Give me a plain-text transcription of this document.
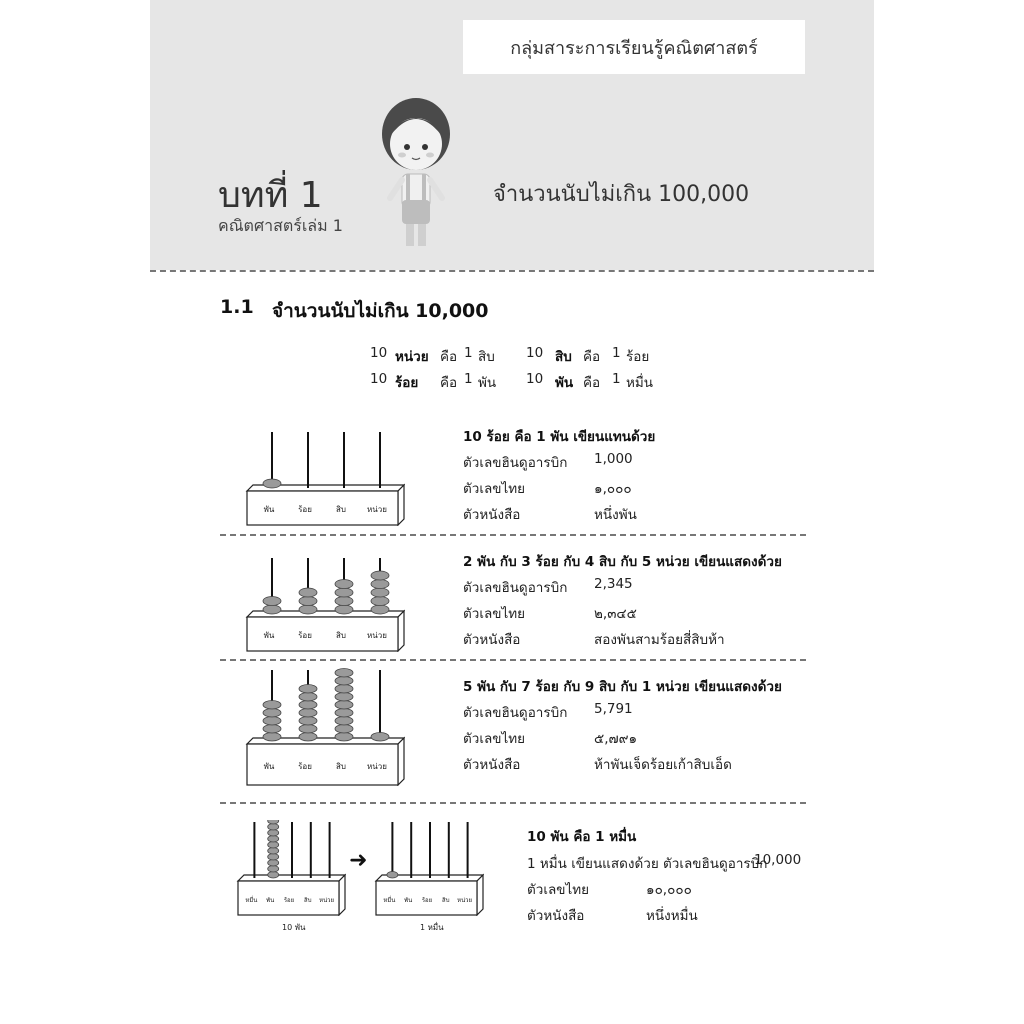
กลุ่มสาระการเรียนรู้คณิตศาสตร์
บทที่ 1
คณิตศาสตร์เล่ม 1
จำนวนนับไม่เกิน 100,000
1.1 จำนวนนับไม่เกิน 10,000
10 หน่วย คือ 1 สิบ 10 สิบ คือ 1 ร้อย
10 ร้อย คือ 1 พัน 10 พัน คือ 1 หมื่น
พัน	ร้อย	สิบ	หน่วย
10 ร้อย คือ 1 พัน เขียนแทนด้วย
ตัวเลขฮินดูอารบิก 1,000
ตัวเลขไทย	๑,๐๐๐
ตัวหนังสือ	หนึ่งพัน
พัน	ร้อย	สิบ	หน่วย
2 พัน กับ 3 ร้อย กับ 4 สิบ กับ 5 หน่วย เขียนแสดงด้วย
ตัวเลขฮินดูอารบิก 2,345
ตัวเลขไทย	๒,๓๔๕
ตัวหนังสือ	สองพันสามร้อยสี่สิบห้า
พัน	ร้อย	สิบ	หน่วย
5 พัน กับ 7 ร้อย กับ 9 สิบ กับ 1 หน่วย เขียนแสดงด้วย
ตัวเลขฮินดูอารบิก 5,791
ตัวเลขไทย	๕,๗๙๑
ตัวหนังสือ	ห้าพันเจ็ดร้อยเก้าสิบเอ็ด
หมื่น พัน ร้อย สิบ หน่วย
➜
หมื่น พัน ร้อย สิบ หน่วย
10 พัน	1 หมื่น
10 พัน คือ 1 หมื่น
1 หมื่น เขียนแสดงด้วย ตัวเลขฮินดูอารบิก
10,000
ตัวเลขไทย	๑๐,๐๐๐
ตัวหนังสือ	หนึ่งหมื่น
